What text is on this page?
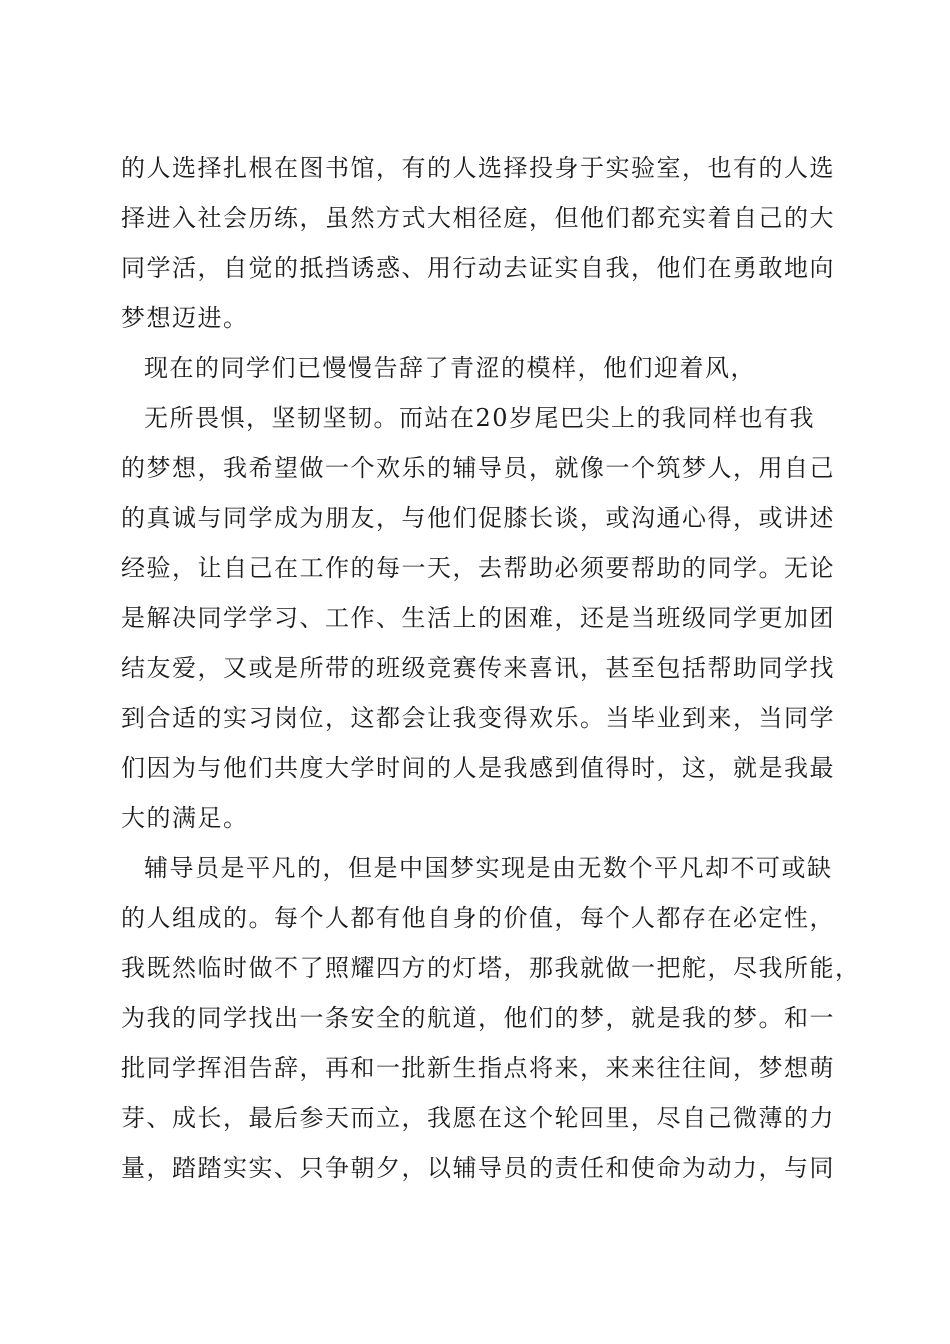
的人选择扎根在图书馆，有的人选择投身于实验室，也有的人选
择进入社会历练，虽然方式大相径庭，但他们都充实着自己的大
同学活，自觉的抵挡诱惑、用行动去证实自我，他们在勇敢地向
梦想迈进。
现在的同学们已慢慢告辞了青涩的模样，他们迎着风，
无所畏惧，坚韧坚韧。而站在20岁尾巴尖上的我同样也有我
的梦想，我希望做一个欢乐的辅导员，就像一个筑梦人，用自己
的真诚与同学成为朋友，与他们促膝长谈，或沟通心得，或讲述
经验，让自己在工作的每一天，去帮助必须要帮助的同学。无论
是解决同学学习、工作、生活上的困难，还是当班级同学更加团
结友爱，又或是所带的班级竞赛传来喜讯，甚至包括帮助同学找
到合适的实习岗位，这都会让我变得欢乐。当毕业到来，当同学
们因为与他们共度大学时间的人是我感到值得时，这，就是我最
大的满足。
辅导员是平凡的，但是中国梦实现是由无数个平凡却不可或缺
的人组成的。每个人都有他自身的价值，每个人都存在必定性，
我既然临时做不了照耀四方的灯塔，那我就做一把舵，尽我所能，
为我的同学找出一条安全的航道，他们的梦，就是我的梦。和一
批同学挥泪告辞，再和一批新生指点将来，来来往往间，梦想萌
芽、成长，最后参天而立，我愿在这个轮回里，尽自己微薄的力
量，踏踏实实、只争朝夕，以辅导员的责任和使命为动力，与同
